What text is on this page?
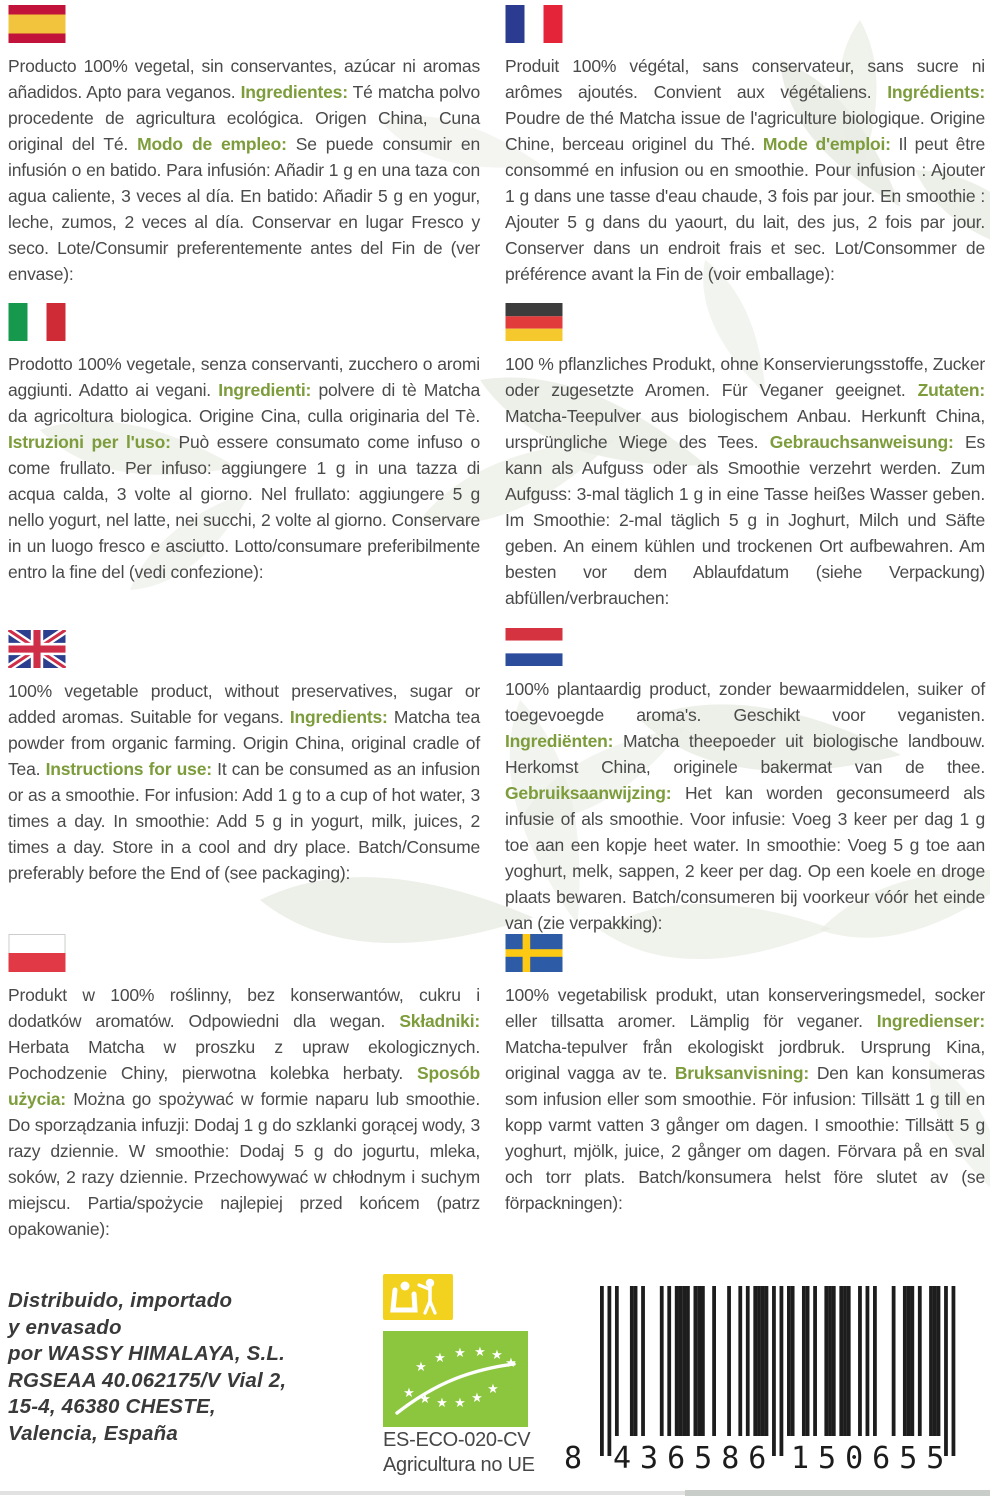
Producto 100% vegetal, sin conservantes, azúcar ni aromas añadidos. Apto para veganos. Ingredientes: Té matcha polvo procedente de agricultura ecológica. Origen China, Cuna original del Té. Modo de empleo: Se puede consumir en infusión o en batido. Para infusión: Añadir 1 g en una taza con agua caliente, 3 veces al día. En batido: Añadir 5 g en yogur, leche, zumos, 2 veces al día. Conservar en lugar Fresco y seco. Lote/Consumir preferentemente antes del Fin de (ver envase):

Produit 100% végétal, sans conservateur, sans sucre ni arômes ajoutés. Convient aux végétaliens. Ingrédients: Poudre de thé Matcha issue de l'agriculture biologique. Origine Chine, berceau originel du Thé. Mode d'emploi: Il peut être consommé en infusion ou en smoothie. Pour infusion : Ajouter 1 g dans une tasse d'eau chaude, 3 fois par jour. En smoothie : Ajouter 5 g dans du yaourt, du lait, des jus, 2 fois par jour. Conserver dans un endroit frais et sec. Lot/Consommer de préférence avant la Fin de (voir emballage):

Prodotto 100% vegetale, senza conservanti, zucchero o aromi aggiunti. Adatto ai vegani. Ingredienti: polvere di tè Matcha da agricoltura biologica. Origine Cina, culla originaria del Tè. Istruzioni per l'uso: Può essere consumato come infuso o come frullato. Per infuso: aggiungere 1 g in una tazza di acqua calda, 3 volte al giorno. Nel frullato: aggiungere 5 g nello yogurt, nel latte, nei succhi, 2 volte al giorno. Conservare in un luogo fresco e asciutto. Lotto/consumare preferibilmente entro la fine del (vedi confezione):

100 % pflanzliches Produkt, ohne Konservierungsstoffe, Zucker oder zugesetzte Aromen. Für Veganer geeignet. Zutaten: Matcha-Teepulver aus biologischem Anbau. Herkunft China, ursprüngliche Wiege des Tees. Gebrauchsanweisung: Es kann als Aufguss oder als Smoothie verzehrt werden. Zum Aufguss: 3-mal täglich 1 g in eine Tasse heißes Wasser geben. Im Smoothie: 2-mal täglich 5 g in Joghurt, Milch und Säfte geben. An einem kühlen und trockenen Ort aufbewahren. Am besten vor dem Ablaufdatum (siehe Verpackung) abfüllen/verbrauchen:

100% vegetable product, without preservatives, sugar or added aromas. Suitable for vegans. Ingredients: Matcha tea powder from organic farming. Origin China, original cradle of Tea. Instructions for use: It can be consumed as an infusion or as a smoothie. For infusion: Add 1 g to a cup of hot water, 3 times a day. In smoothie: Add 5 g in yogurt, milk, juices, 2 times a day. Store in a cool and dry place. Batch/Consume preferably before the End of (see packaging):

100% plantaardig product, zonder bewaarmiddelen, suiker of toegevoegde aroma's. Geschikt voor veganisten. Ingrediënten: Matcha theepoeder uit biologische landbouw. Herkomst China, originele bakermat van de thee. Gebruiksaanwijzing: Het kan worden geconsumeerd als infusie of als smoothie. Voor infusie: Voeg 3 keer per dag 1 g toe aan een kopje heet water. In smoothie: Voeg 5 g toe aan yoghurt, melk, sappen, 2 keer per dag. Op een koele en droge plaats bewaren. Batch/consumeren bij voorkeur vóór het einde van (zie verpakking):

Produkt w 100% roślinny, bez konserwantów, cukru i dodatków aromatów. Odpowiedni dla wegan. Składniki: Herbata Matcha w proszku z upraw ekologicznych. Pochodzenie Chiny, pierwotna kolebka herbaty. Sposób użycia: Można go spożywać w formie naparu lub smoothie. Do sporządzania infuzji: Dodaj 1 g do szklanki gorącej wody, 3 razy dziennie. W smoothie: Dodaj 5 g do jogurtu, mleka, soków, 2 razy dziennie. Przechowywać w chłodnym i suchym miejscu. Partia/spożycie najlepiej przed końcem (patrz opakowanie):

100% vegetabilisk produkt, utan konserveringsmedel, socker eller tillsatta aromer. Lämplig för veganer. Ingredienser: Matcha-tepulver från ekologiskt jordbruk. Ursprung Kina, original vagga av te. Bruksanvisning: Den kan konsumeras som infusion eller som smoothie. För infusion: Tillsätt 1 g till en kopp varmt vatten 3 gånger om dagen. I smoothie: Tillsätt 5 g yoghurt, mjölk, juice, 2 gånger om dagen. Förvara på en sval och torr plats. Batch/konsumera helst före slutet av (se förpackningen):

Distribuido, importado
y envasado
por WASSY HIMALAYA, S.L.
RGSEAA 40.062175/V Vial 2,
15-4, 46380 CHESTE,
Valencia, España
★
★ ★ ★ ★
★
★ ★ ★ ★ ★
★
ES-ECO-020-CV
Agricultura no UE 8 436586 150655
